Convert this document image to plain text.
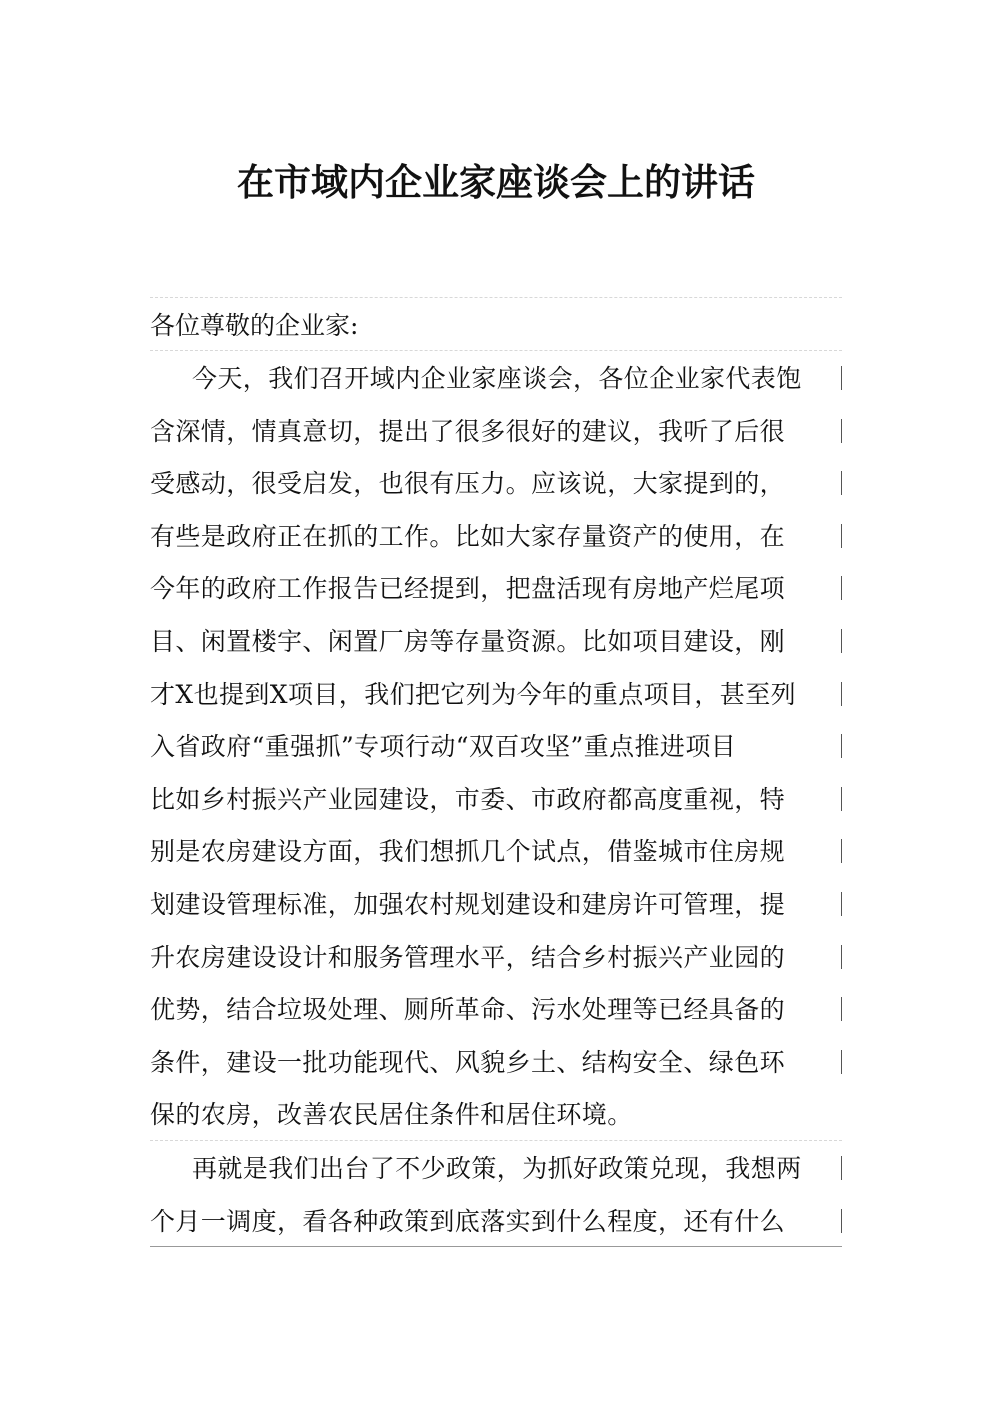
在市域内企业家座谈会上的讲话
各位尊敬的企业家:
今天，我们召开域内企业家座谈会，各位企业家代表饱
含深情，情真意切，提出了很多很好的建议，我听了后很
受感动，很受启发，也很有压力。应该说，大家提到的，
有些是政府正在抓的工作。比如大家存量资产的使用，在
今年的政府工作报告已经提到，把盘活现有房地产烂尾项
目、闲置楼宇、闲置厂房等存量资源。比如项目建设，刚
才X也提到X项目，我们把它列为今年的重点项目，甚至列
入省政府“重强抓”专项行动“双百攻坚”重点推进项目
比如乡村振兴产业园建设，市委、市政府都高度重视，特
别是农房建设方面，我们想抓几个试点，借鉴城市住房规
划建设管理标准，加强农村规划建设和建房许可管理，提
升农房建设设计和服务管理水平，结合乡村振兴产业园的
优势，结合垃圾处理、厕所革命、污水处理等已经具备的
条件，建设一批功能现代、风貌乡土、结构安全、绿色环
保的农房，改善农民居住条件和居住环境。
再就是我们出台了不少政策，为抓好政策兑现，我想两
个月一调度，看各种政策到底落实到什么程度，还有什么
